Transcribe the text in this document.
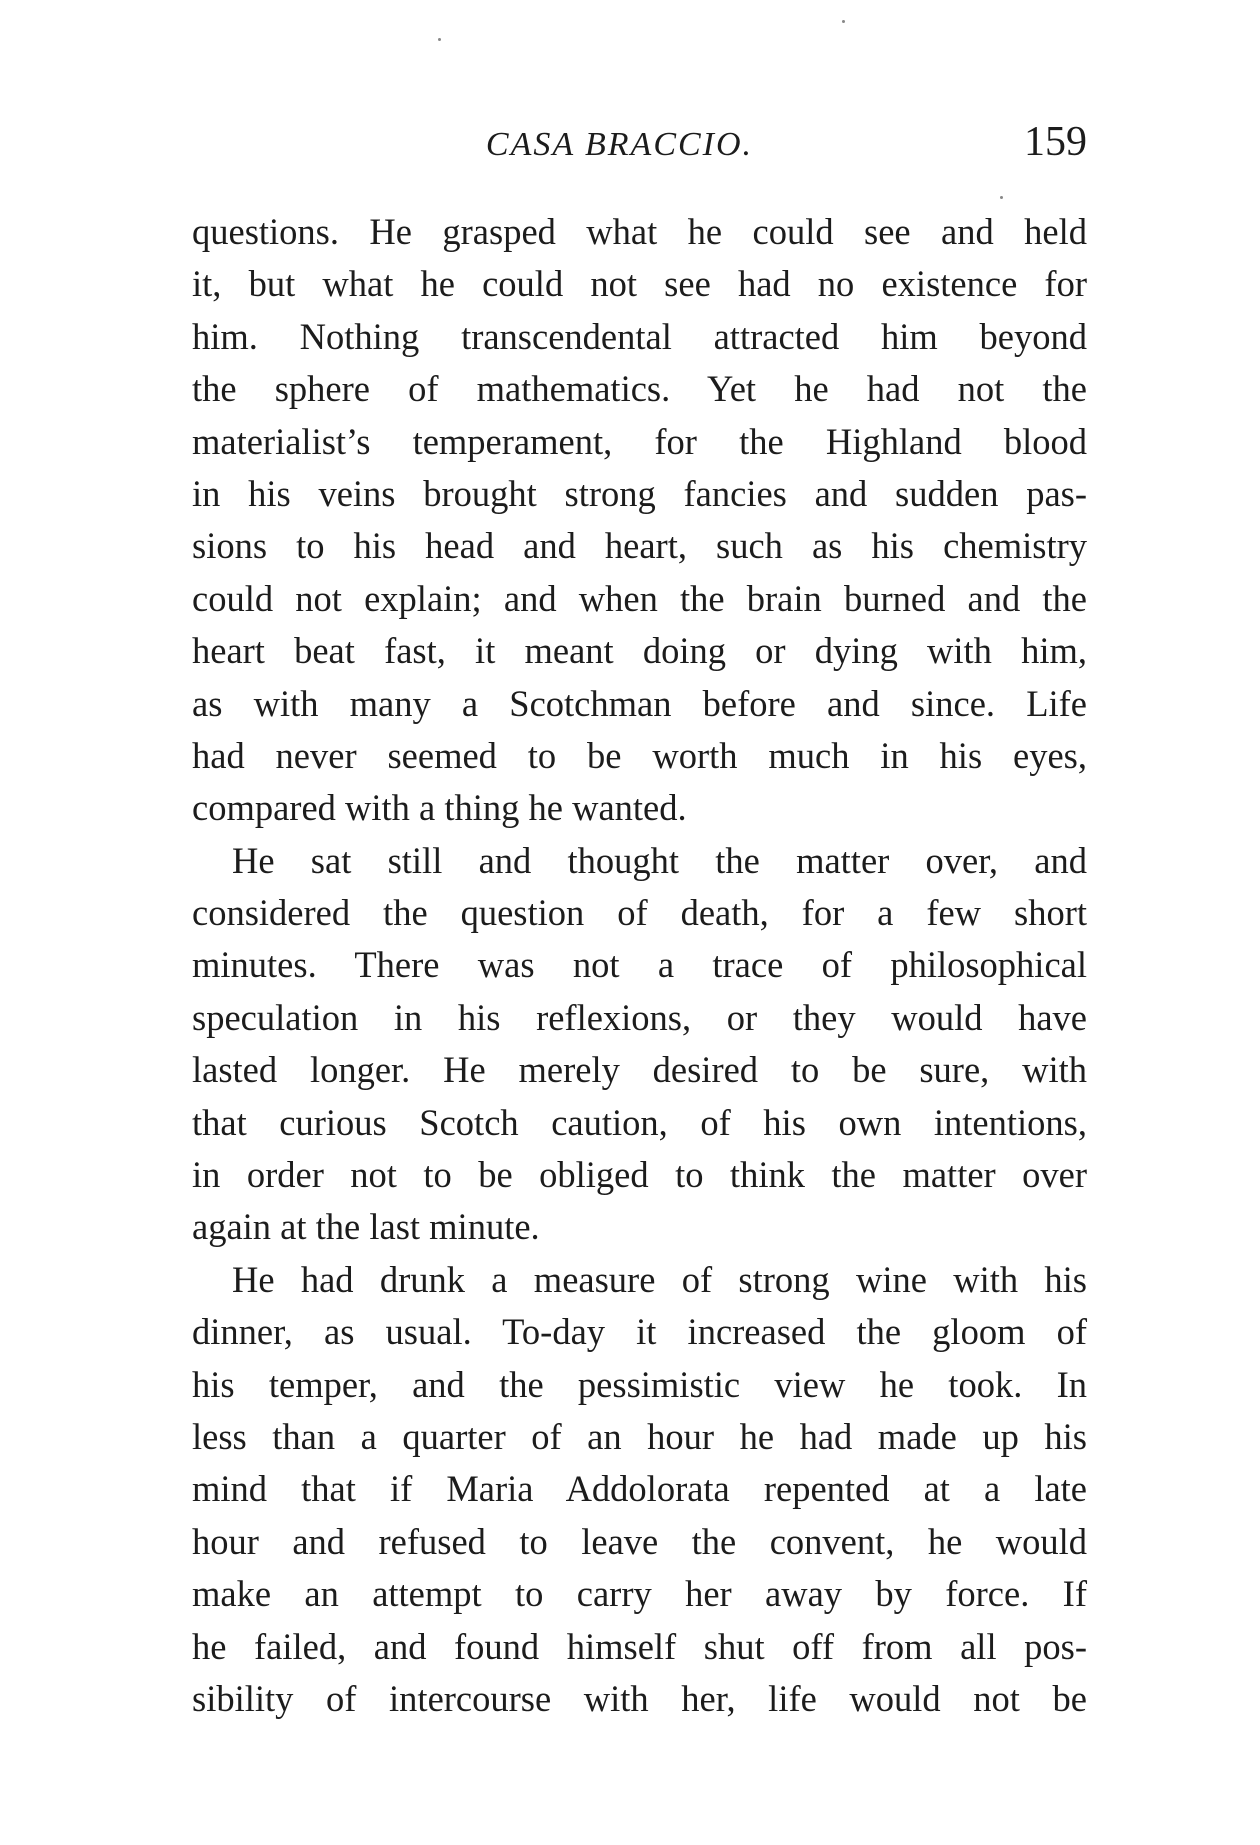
CASA BRACCIO.	159
questions. He grasped what he could see and held
it, but what he could not see had no existence for
him. Nothing transcendental attracted him beyond
the sphere of mathematics. Yet he had not the
materialist’s temperament, for the Highland blood
in his veins brought strong fancies and sudden pas-
sions to his head and heart, such as his chemistry
could not explain; and when the brain burned and the
heart beat fast, it meant doing or dying with him,
as with many a Scotchman before and since. Life
had never seemed to be worth much in his eyes,
compared with a thing he wanted.
He sat still and thought the matter over, and
considered the question of death, for a few short
minutes. There was not a trace of philosophical
speculation in his reflexions, or they would have
lasted longer. He merely desired to be sure, with
that curious Scotch caution, of his own intentions,
in order not to be obliged to think the matter over
again at the last minute.
He had drunk a measure of strong wine with his
dinner, as usual. To-day it increased the gloom of
his temper, and the pessimistic view he took. In
less than a quarter of an hour he had made up his
mind that if Maria Addolorata repented at a late
hour and refused to leave the convent, he would
make an attempt to carry her away by force. If
he failed, and found himself shut off from all pos-
sibility of intercourse with her, life would not be
